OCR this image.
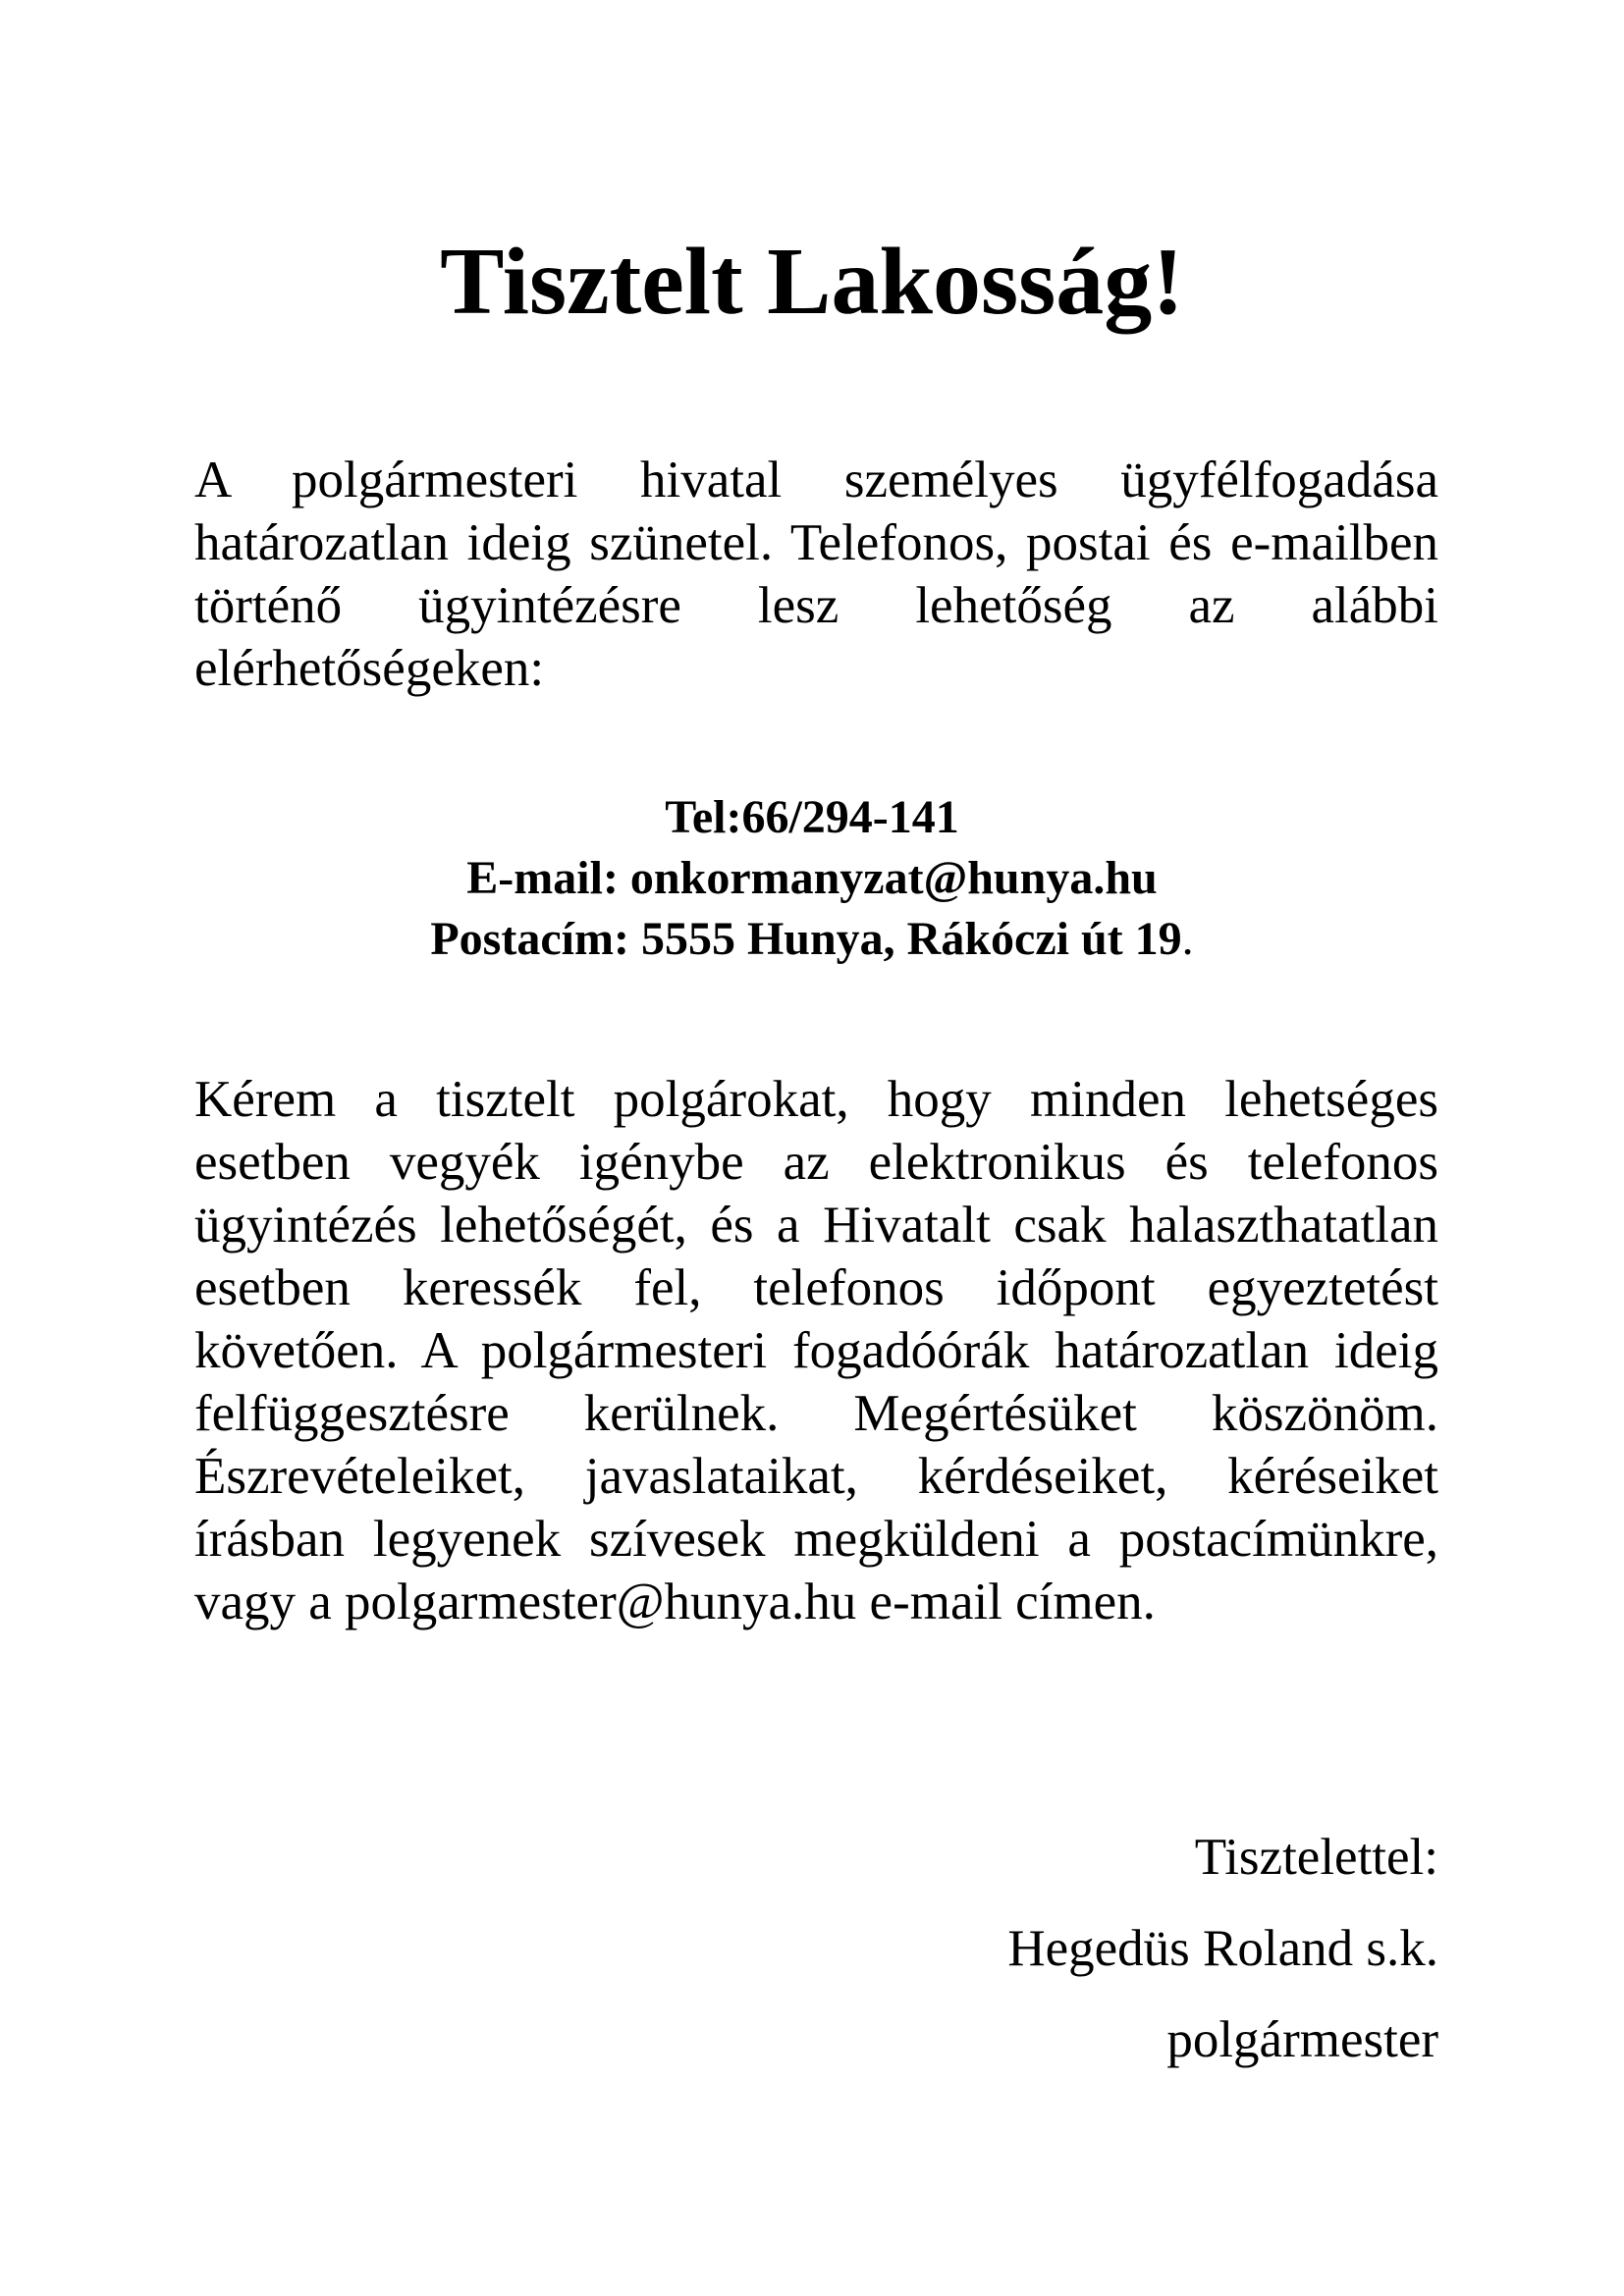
Tisztelt Lakosság!

A polgármesteri hivatal személyes ügyfélfogadása határozatlan ideig szünetel. Telefonos, postai és e-mailben történő ügyintézésre lesz lehetőség az alábbi elérhetőségeken:

Tel:66/294-141
E-mail: onkormanyzat@hunya.hu
Postacím: 5555 Hunya, Rákóczi út 19.

Kérem a tisztelt polgárokat, hogy minden lehetséges esetben vegyék igénybe az elektronikus és telefonos ügyintézés lehetőségét, és a Hivatalt csak halaszthatatlan esetben keressék fel, telefonos időpont egyeztetést követően. A polgármesteri fogadóórák határozatlan ideig felfüggesztésre kerülnek. Megértésüket köszönöm. Észrevételeiket, javaslataikat, kérdéseiket, kéréseiket írásban legyenek szívesek megküldeni a postacímünkre, vagy a polgarmester@hunya.hu e-mail címen.

Tisztelettel:
Hegedüs Roland s.k.
polgármester
